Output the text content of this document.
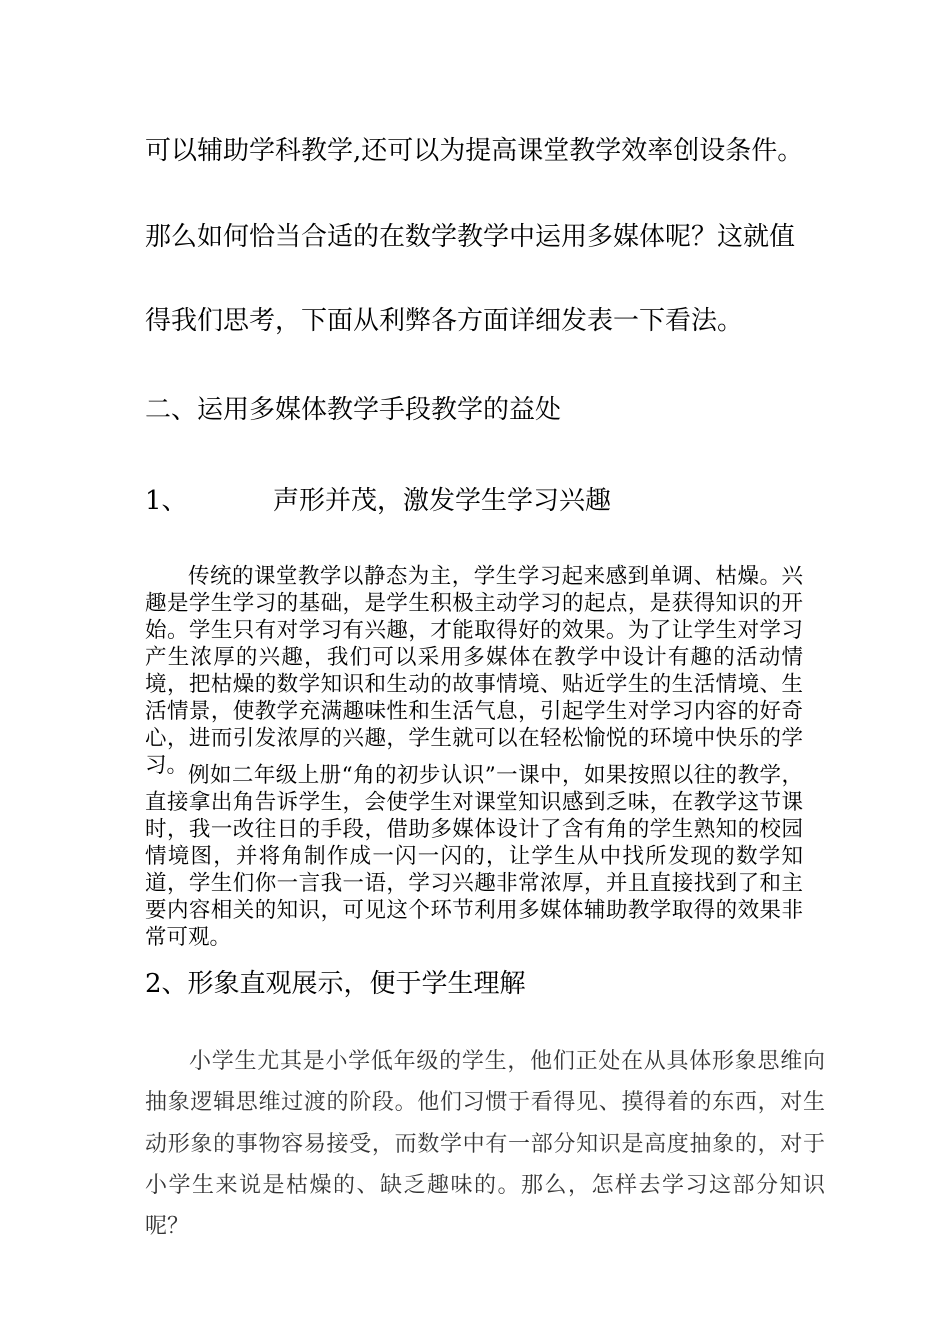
可以辅助学科教学,还可以为提高课堂教学效率创设条件。
那么如何恰当合适的在数学教学中运用多媒体呢？这就值
得我们思考，下面从利弊各方面详细发表一下看法。
二、运用多媒体教学手段教学的益处
1、	声形并茂，激发学生学习兴趣
传统的课堂教学以静态为主，学生学习起来感到单调、枯燥。兴趣是学生学习的基础，是学生积极主动学习的起点，是获得知识的开始。学生只有对学习有兴趣，才能取得好的效果。为了让学生对学习产生浓厚的兴趣，我们可以采用多媒体在教学中设计有趣的活动情境，把枯燥的数学知识和生动的故事情境、贴近学生的生活情境、生活情景，使教学充满趣味性和生活气息，引起学生对学习内容的好奇心，进而引发浓厚的兴趣，学生就可以在轻松愉悦的环境中快乐的学习。 例如二年级上册“角的初步认识”一课中，如果按照以往的教学，直接拿出角告诉学生，会使学生对课堂知识感到乏味，在教学这节课时，我一改往日的手段，借助多媒体设计了含有角的学生熟知的校园情境图，并将角制作成一闪一闪的，让学生从中找所发现的数学知道，学生们你一言我一语，学习兴趣非常浓厚，并且直接找到了和主要内容相关的知识，可见这个环节利用多媒体辅助教学取得的效果非常可观。
2、形象直观展示，便于学生理解
小学生尤其是小学低年级的学生，他们正处在从具体形象思维向抽象逻辑思维过渡的阶段。他们习惯于看得见、摸得着的东西，对生动形象的事物容易接受，而数学中有一部分知识是高度抽象的，对于小学生来说是枯燥的、缺乏趣味的。那么，怎样去学习这部分知识呢？
